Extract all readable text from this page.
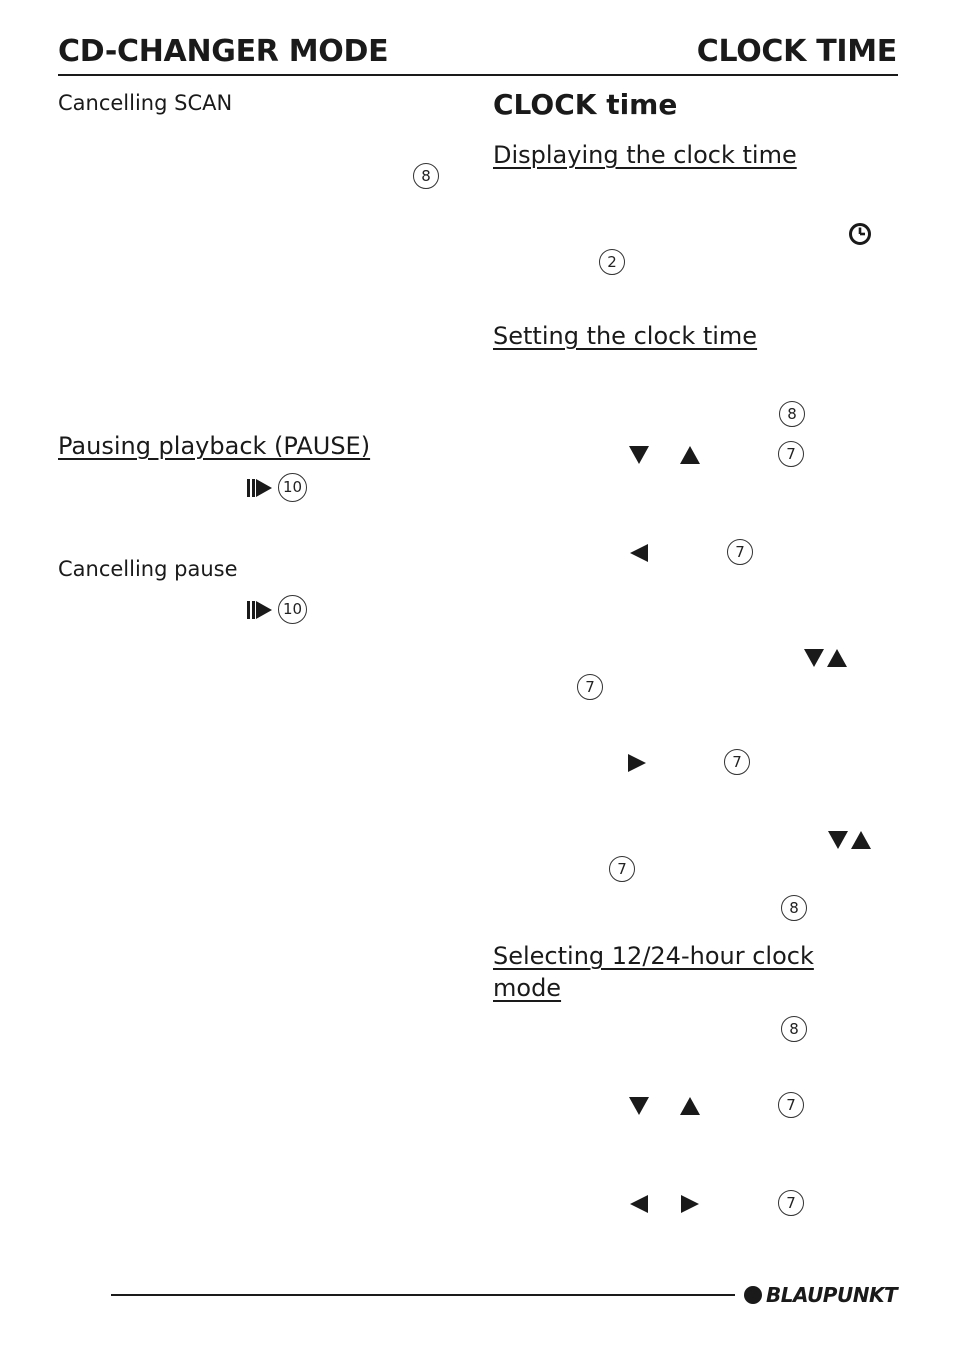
CD-CHANGER MODE	CLOCK TIME
Cancelling SCAN
8
Pausing playback (PAUSE)
10
Cancelling pause
10
CLOCK time
Displaying the clock time
2
Setting the clock time
8
7
7
7
7
7
8
Selecting 12/24-hour clock
mode
8
7
7
BLAUPUNKT
